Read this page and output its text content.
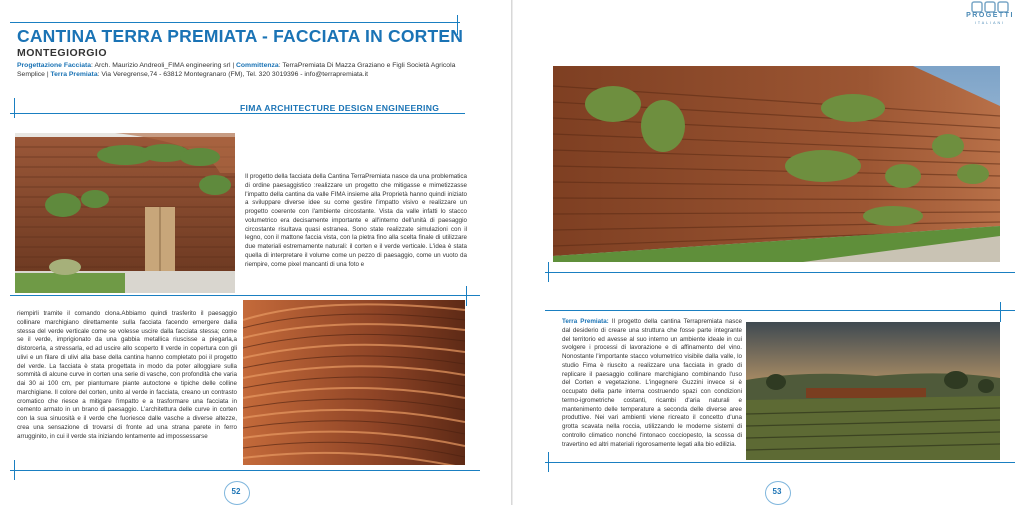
CANTINA TERRA PREMIATA - FACCIATA IN CORTEN
MONTEGIORGIO
Progettazione Facciata: Arch. Maurizio Andreoli_FIMA engineering srl | Committenza: TerraPremiata Di Mazza Graziano e Figli Società Agricola Semplice | Terra Premiata: Via Veregrense,74 - 63812 Montegranaro (FM), Tel. 320 3019396 - info@terrapremiata.it
FIMA ARCHITECTURE DESIGN ENGINEERING
Il progetto della facciata della Cantina TerraPremiata nasce da una problematica di ordine paesaggistico :realizzare un progetto che mitigasse e mimetizzasse l'impatto della cantina da valle FIMA insieme alla Proprietà hanno quindi iniziato a sviluppare diverse idee su come gestire l'impatto visivo e realizzare un progetto coerente con l'ambiente circostante. Vista da valle infatti lo stacco volumetrico era decisamente importante e all'interno dell'unità di paesaggio circostante risultava quasi estranea. Sono state realizzate simulazioni con il legno, con il mattone faccia vista, con la pietra fino alla scelta finale di utilizzare due materiali estremamente naturali: il corten e il verde verticale. L'idea è stata quella di interpretare il volume come un pezzo di paesaggio, come un vuoto da riempire, come pixel mancanti di una foto e
riempirli tramite il comando clona.Abbiamo quindi trasferito il paesaggio collinare marchigiano direttamente sulla facciata facendo emergere dalla stessa del verde verticale come se volesse uscire dalla facciata stessa; come se il verde, imprigionato da una gabbia metallica riuscisse a piegarla,a distorcerla, a stressarla, ed ad uscire allo scoperto Il verde in copertura con gli ulivi e un filare di ulivi alla base della cantina hanno completato poi il progetto del verde. La facciata è stata progettata in modo da poter alloggiare sulla sommità di alcune curve in corten una serie di vasche, con profondità che varia dai 30 ai 100 cm, per piantumare piante autoctone e tipiche delle colline marchigiane. Il colore del corten, unito al verde in facciata, creano un contrasto cromatico che riesce a mitigare l'impatto e a trasformare una facciata in cemento armato in un brano di paesaggio. L'architettura delle curve in corten con la sua sinuosità e il verde che fuoriesce dalle vasche a diverse altezze, crea una sensazione di trovarsi di fronte ad una strana parete in ferro arrugginito, in cui il verde sta iniziando lentamente ad impossessarse
52	53
PROGETTI
ITALIANI
Terra Premiata: Il progetto della cantina Terrapremiata nasce dal desiderio di creare una struttura che fosse parte integrante del territorio ed avesse al suo interno un ambiente ideale in cui svolgere i processi di lavorazione e di affinamento del vino. Nonostante l'importante stacco volumetrico visibile dalla valle, lo studio Fima è riuscito a realizzare una facciata in grado di replicare il paesaggio collinare marchigiano combinando l'uso del Corten e vegetazione. L'ingegnere Guzzini invece si è occupato della parte interna costruendo spazi con condizioni termo-igrometriche costanti, ricambi d'aria naturali e mantenimento delle temperature a seconda delle diverse aree produttive. Nei vari ambienti viene ricreato il concetto d'una grotta scavata nella roccia, utilizzando le moderne sistemi di controllo climatico nonché l'intonaco cocciopesto, la scossa di travertino ed altri materiali rigorosamente legati alla bio edilizia.
